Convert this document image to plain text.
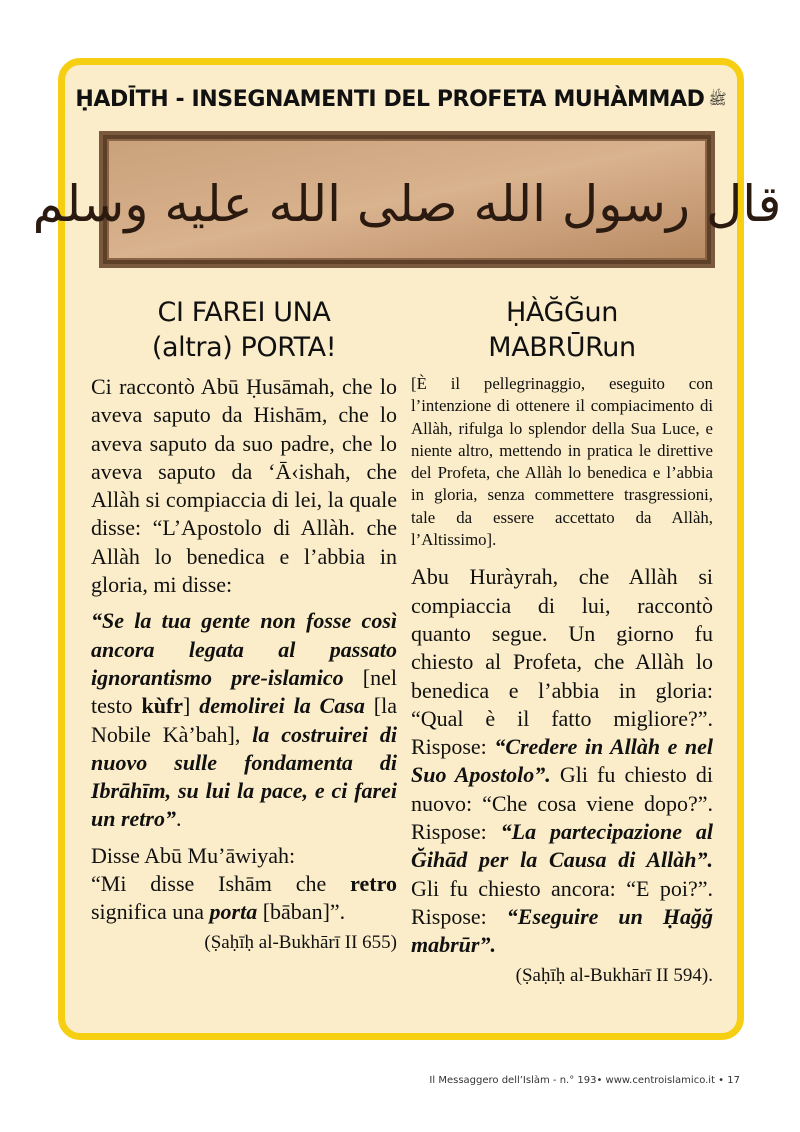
ḤADĪTH - INSEGNAMENTI DEL PROFETA MUHÀMMAD ﷺ
قال رسول الله صلى الله عليه وسلم
CI FAREI UNA
(altra) PORTA!

Ci raccontò Abū Ḥusāmah, che lo aveva saputo da Hishām, che lo aveva saputo da suo padre, che lo aveva saputo da ‘Ā‹ishah, che Allàh si compiaccia di lei, la quale disse: “L’Apostolo di Allàh. che Allàh lo benedica e l’abbia in gloria, mi disse:

“Se la tua gente non fosse così ancora legata al passato ignorantismo pre-islamico [nel testo kùfr] demolirei la Casa [la Nobile Kà’bah], la costruirei di nuovo sulle fondamenta di Ibrāhīm, su lui la pace, e ci farei un retro”.

Disse Abū Mu’āwiyah:

“Mi disse Ishām che retro significa una porta [bāban]”.

(Ṣaḥīḥ al-Bukhārī II 655)
ḤÀĞĞun
MABRŪRun

[È il pellegrinaggio, eseguito con l’intenzione di ottenere il compiacimento di Allàh, rifulga lo splendor della Sua Luce, e niente altro, mettendo in pratica le direttive del Profeta, che Allàh lo benedica e l’abbia in gloria, senza commettere trasgressioni, tale da essere accettato da Allàh, l’Altissimo].

Abu Huràyrah, che Allàh si compiaccia di lui, raccontò quanto segue. Un giorno fu chiesto al Profeta, che Allàh lo benedica e l’abbia in gloria: “Qual è il fatto migliore?”. Rispose: “Credere in Allàh e nel Suo Apostolo”. Gli fu chiesto di nuovo: “Che cosa viene dopo?”. Rispose: “La partecipazione al Ğihād per la Causa di Allàh”. Gli fu chiesto ancora: “E poi?”. Rispose: “Eseguire un Ḥağğ mabrūr”.

(Ṣaḥīḥ al-Bukhārī II 594).
Il Messaggero dell’Islàm - n.° 193• www.centroislamico.it • 17
